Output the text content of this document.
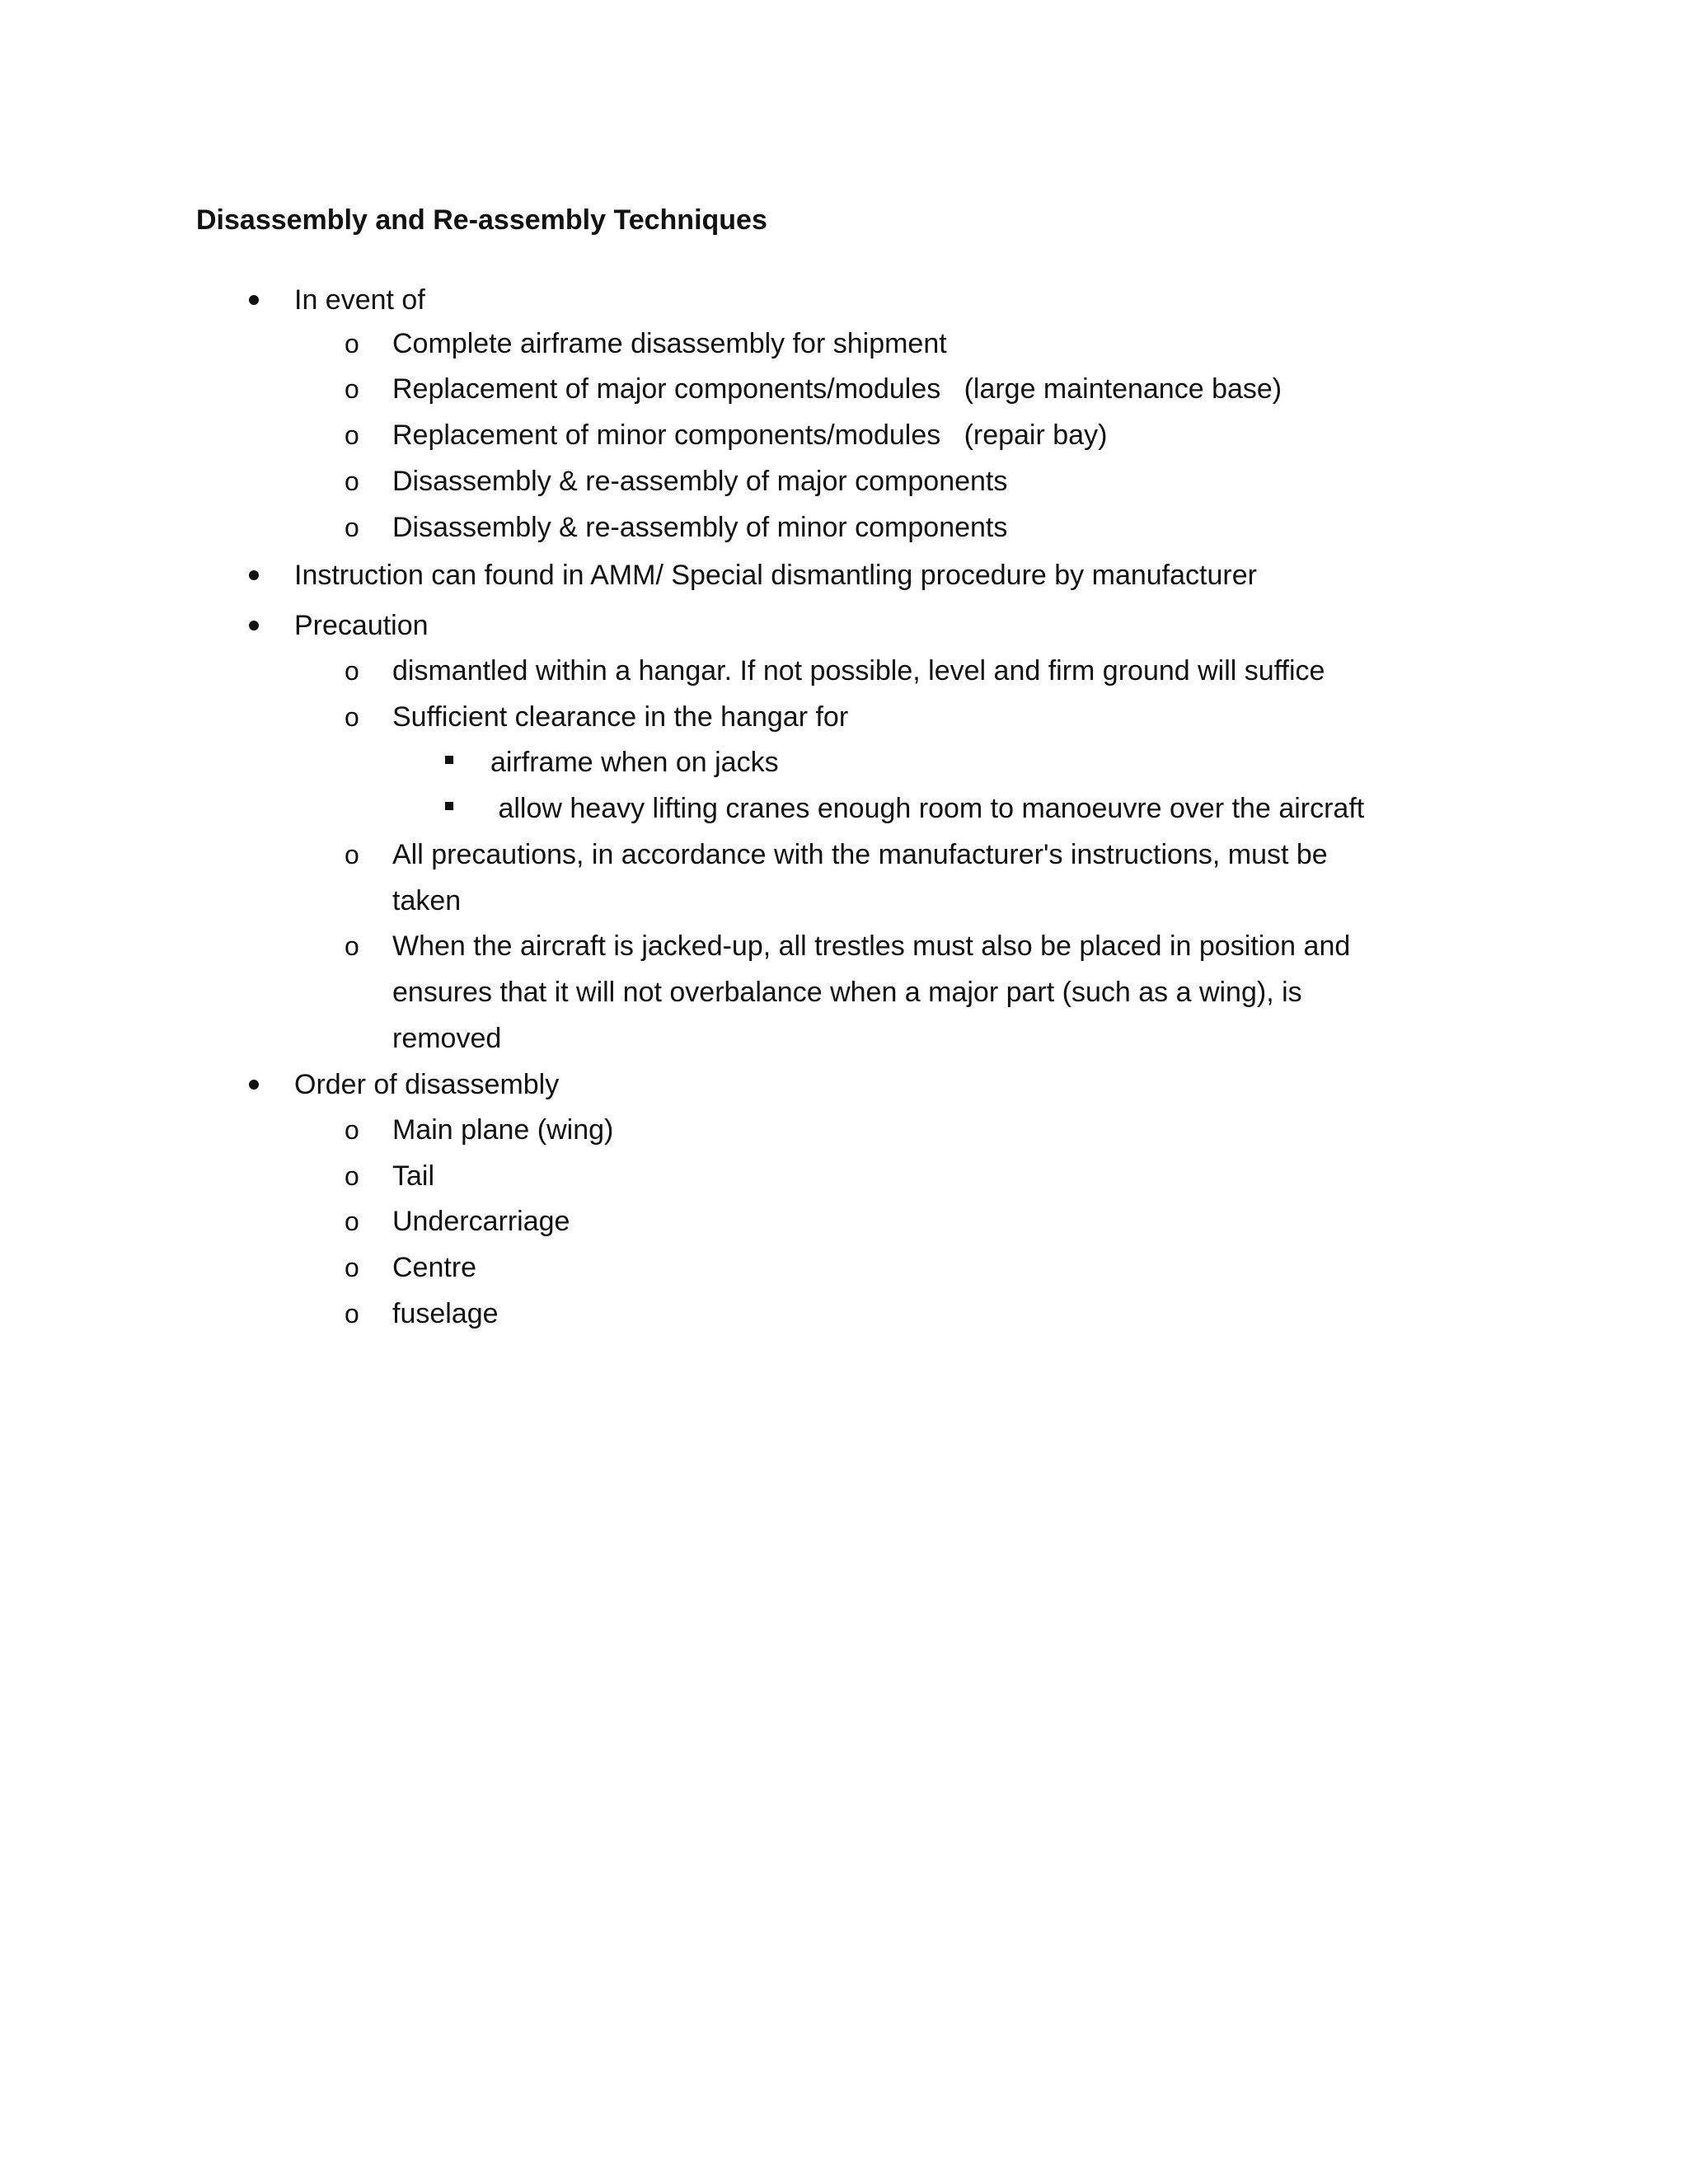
Disassembly and Re-assembly Techniques
In event of
o Complete airframe disassembly for shipment
o Replacement of major components/modules   (large maintenance base)
o Replacement of minor components/modules   (repair bay)
o Disassembly & re-assembly of major components
o Disassembly & re-assembly of minor components
Instruction can found in AMM/ Special dismantling procedure by manufacturer
Precaution
o dismantled within a hangar. If not possible, level and firm ground will suffice
o Sufficient clearance in the hangar for
airframe when on jacks
allow heavy lifting cranes enough room to manoeuvre over the aircraft
o All precautions, in accordance with the manufacturer's instructions, must be
taken
o When the aircraft is jacked-up, all trestles must also be placed in position and
ensures that it will not overbalance when a major part (such as a wing), is
removed
Order of disassembly
o Main plane (wing)
o Tail
o Undercarriage
o Centre
o fuselage
